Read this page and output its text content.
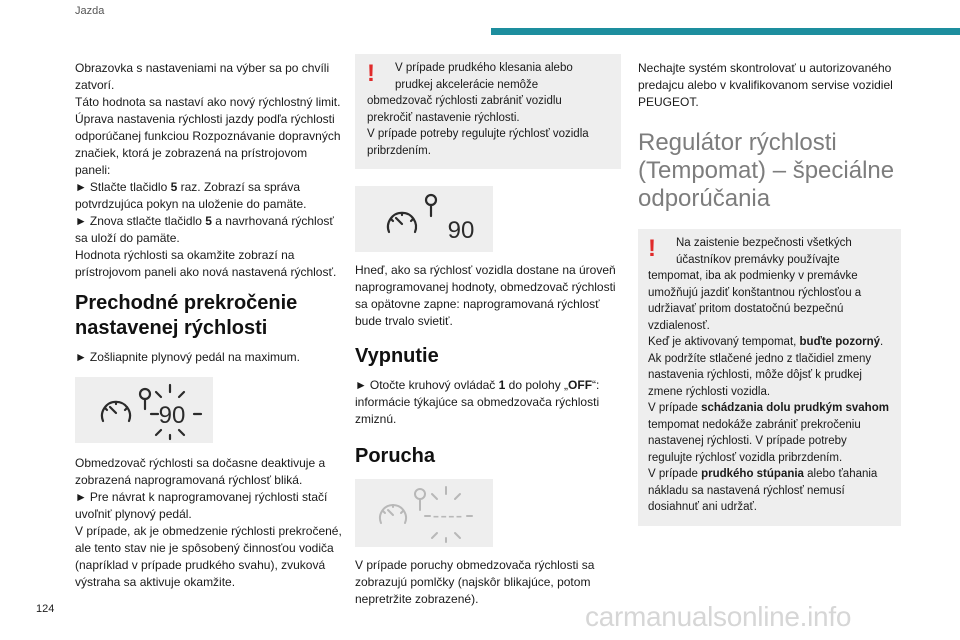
Jazda

Obrazovka s nastaveniami na výber sa po chvíli zatvorí.

Táto hodnota sa nastaví ako nový rýchlostný limit.

Úprava nastavenia rýchlosti jazdy podľa rýchlosti odporúčanej funkciou Rozpoznávanie dopravných značiek, ktorá je zobrazená na prístrojovom paneli:

► Stlačte tlačidlo 5 raz. Zobrazí sa správa potvrdzujúca pokyn na uloženie do pamäte.

► Znova stlačte tlačidlo 5 a navrhovaná rýchlosť sa uloží do pamäte.

Hodnota rýchlosti sa okamžite zobrazí na prístrojovom paneli ako nová nastavená rýchlosť.

Prechodné prekročenie nastavenej rýchlosti

► Zošliapnite plynový pedál na maximum.

90

Obmedzovač rýchlosti sa dočasne deaktivuje a zobrazená naprogramovaná rýchlosť bliká.

► Pre návrat k naprogramovanej rýchlosti stačí uvoľniť plynový pedál.

V prípade, ak je obmedzenie rýchlosti prekročené, ale tento stav nie je spôsobený činnosťou vodiča (napríklad v prípade prudkého svahu), zvuková výstraha sa aktivuje okamžite.

!	V prípade prudkého klesania alebo prudkej akcelerácie nemôže
obmedzovač rýchlosti zabrániť vozidlu prekročiť nastavenie rýchlosti.
V prípade potreby regulujte rýchlosť vozidla pribrzdením.
90

Hneď, ako sa rýchlosť vozidla dostane na úroveň naprogramovanej hodnoty, obmedzovač rýchlosti sa opätovne zapne: naprogramovaná rýchlosť bude trvalo svietiť.

Vypnutie

► Otočte kruhový ovládač 1 do polohy „OFF“: informácie týkajúce sa obmedzovača rýchlosti zmiznú.

Porucha
----

V prípade poruchy obmedzovača rýchlosti sa zobrazujú pomlčky (najskôr blikajúce, potom nepretržite zobrazené).

Nechajte systém skontrolovať u autorizovaného predajcu alebo v kvalifikovanom servise vozidiel PEUGEOT.

Regulátor rýchlosti (Tempomat) – špeciálne odporúčania
!	Na zaistenie bezpečnosti všetkých účastníkov premávky používajte
tempomat, iba ak podmienky v premávke umožňujú jazdiť konštantnou rýchlosťou a udržiavať pritom dostatočnú bezpečnú vzdialenosť.
Keď je aktivovaný tempomat, buďte pozorný.
Ak podržíte stlačené jedno z tlačidiel zmeny nastavenia rýchlosti, môže dôjsť k prudkej zmene rýchlosti vozidla.
V prípade schádzania dolu prudkým svahom tempomat nedokáže zabrániť prekročeniu nastavenej rýchlosti. V prípade potreby regulujte rýchlosť vozidla pribrzdením.
V prípade prudkého stúpania alebo ťahania nákladu sa nastavená rýchlosť nemusí dosiahnuť ani udržať.
124	carmanualsonline.info
